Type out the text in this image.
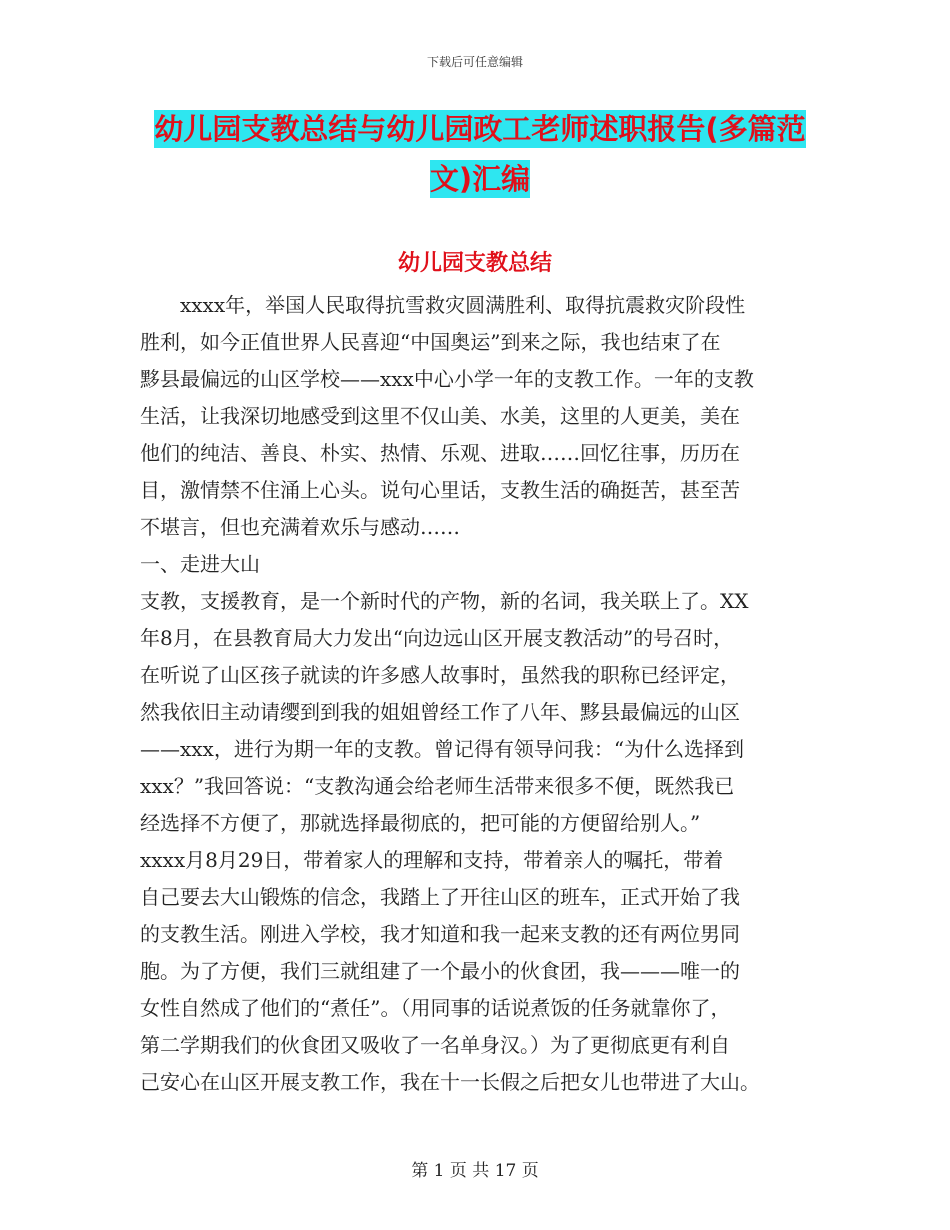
下载后可任意编辑
幼儿园支教总结与幼儿园政工老师述职报告(多篇范
文)汇编
幼儿园支教总结
　　xxxx年，举国人民取得抗雪救灾圆满胜利、取得抗震救灾阶段性
胜利，如今正值世界人民喜迎“中国奥运”到来之际，我也结束了在
黟县最偏远的山区学校——xxx中心小学一年的支教工作。一年的支教
生活，让我深切地感受到这里不仅山美、水美，这里的人更美，美在
他们的纯洁、善良、朴实、热情、乐观、进取……回忆往事，历历在
目，激情禁不住涌上心头。说句心里话，支教生活的确挺苦，甚至苦
不堪言，但也充满着欢乐与感动……
一、走进大山
支教，支援教育，是一个新时代的产物，新的名词，我关联上了。XX
年8月，在县教育局大力发出“向边远山区开展支教活动”的号召时，
在听说了山区孩子就读的许多感人故事时，虽然我的职称已经评定，
然我依旧主动请缨到到我的姐姐曾经工作了八年、黟县最偏远的山区
——xxx，进行为期一年的支教。曾记得有领导问我：“为什么选择到
xxx？”我回答说：“支教沟通会给老师生活带来很多不便，既然我已
经选择不方便了，那就选择最彻底的，把可能的方便留给别人。”
xxxx月8月29日，带着家人的理解和支持，带着亲人的嘱托，带着
自己要去大山锻炼的信念，我踏上了开往山区的班车，正式开始了我
的支教生活。刚进入学校，我才知道和我一起来支教的还有两位男同
胞。为了方便，我们三就组建了一个最小的伙食团，我———唯一的
女性自然成了他们的“煮任”。（用同事的话说煮饭的任务就靠你了，
第二学期我们的伙食团又吸收了一名单身汉。）为了更彻底更有利自
己安心在山区开展支教工作，我在十一长假之后把女儿也带进了大山。
第 1 页 共 17 页
